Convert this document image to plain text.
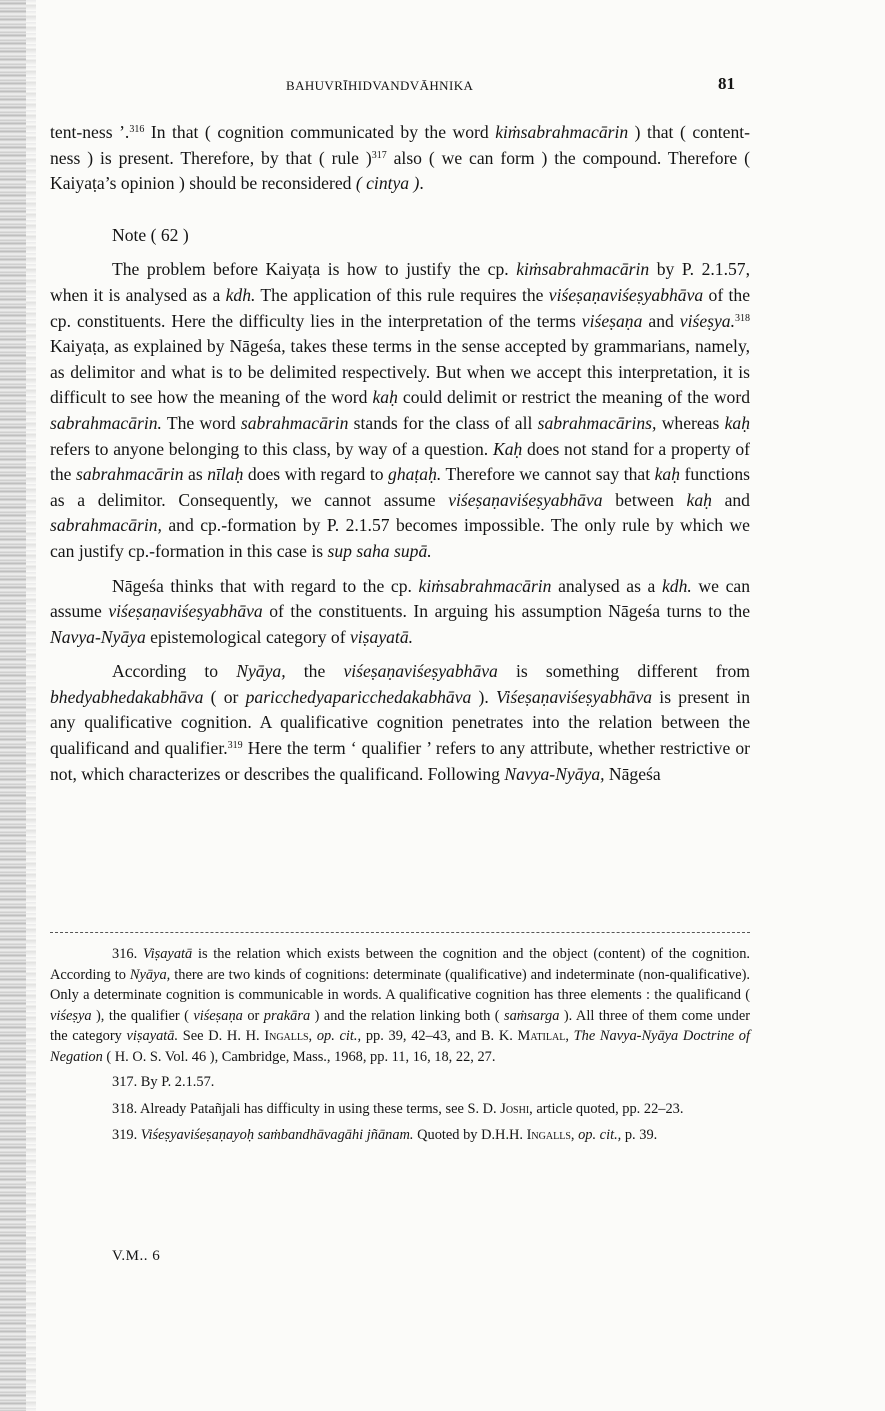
BAHUVRĪHIDVANDVĀHNIKA	81

tent-ness ’.$^{316}$ In that ( cognition communicated by the word kiṁsabrahmacārin ) that ( content-ness ) is present. Therefore, by that ( rule )$^{317}$ also ( we can form ) the compound. Therefore ( Kaiyaṭa’s opinion ) should be reconsidered ( cintya ).

Note ( 62 )

The problem before Kaiyaṭa is how to justify the cp. kiṁsabrahmacārin by P. 2.1.57, when it is analysed as a kdh. The application of this rule requires the viśeṣaṇaviśeṣyabhāva of the cp. constituents. Here the difficulty lies in the interpretation of the terms viśeṣaṇa and viśeṣya.$^{318}$ Kaiyaṭa, as explained by Nāgeśa, takes these terms in the sense accepted by grammarians, namely, as delimitor and what is to be delimited respectively. But when we accept this interpretation, it is difficult to see how the meaning of the word kaḥ could delimit or restrict the meaning of the word sabrahmacārin. The word sabrahmacārin stands for the class of all sabrahmacārins, whereas kaḥ refers to anyone belonging to this class, by way of a question. Kaḥ does not stand for a property of the sabrahmacārin as nīlaḥ does with regard to ghaṭaḥ. Therefore we cannot say that kaḥ functions as a delimitor. Consequently, we cannot assume viśeṣaṇaviśeṣyabhāva between kaḥ and sabrahmacārin, and cp.-formation by P. 2.1.57 becomes impossible. The only rule by which we can justify cp.-formation in this case is sup saha supā.

Nāgeśa thinks that with regard to the cp. kiṁsabrahmacārin analysed as a kdh. we can assume viśeṣaṇaviśeṣyabhāva of the constituents. In arguing his assumption Nāgeśa turns to the Navya-Nyāya epistemological category of viṣayatā.

According to Nyāya, the viśeṣaṇaviśeṣyabhāva is something different from bhedyabhedakabhāva ( or paricchedyaparicchedakabhāva ). Viśeṣaṇaviśeṣyabhāva is present in any qualificative cognition. A qualificative cognition penetrates into the relation between the qualificand and qualifier.$^{319}$ Here the term ‘ qualifier ’ refers to any attribute, whether restrictive or not, which characterizes or describes the qualificand. Following Navya-Nyāya, Nāgeśa

316. Viṣayatā is the relation which exists between the cognition and the object (content) of the cognition. According to Nyāya, there are two kinds of cognitions: determinate (qualificative) and indeterminate (non-qualificative). Only a determinate cognition is communicable in words. A qualificative cognition has three elements : the qualificand ( viśeṣya ), the qualifier ( viśeṣaṇa or prakāra ) and the relation linking both ( saṁsarga ). All three of them come under the category viṣayatā. See D. H. H. Ingalls, op. cit., pp. 39, 42–43, and B. K. Matilal, The Navya-Nyāya Doctrine of Negation ( H. O. S. Vol. 46 ), Cambridge, Mass., 1968, pp. 11, 16, 18, 22, 27.

317. By P. 2.1.57.

318. Already Patañjali has difficulty in using these terms, see S. D. Joshi, article quoted, pp. 22–23.

319. Viśeṣyaviśeṣaṇayoḥ saṁbandhāvagāhi jñānam. Quoted by D.H.H. Ingalls, op. cit., p. 39.

V.M.. 6
